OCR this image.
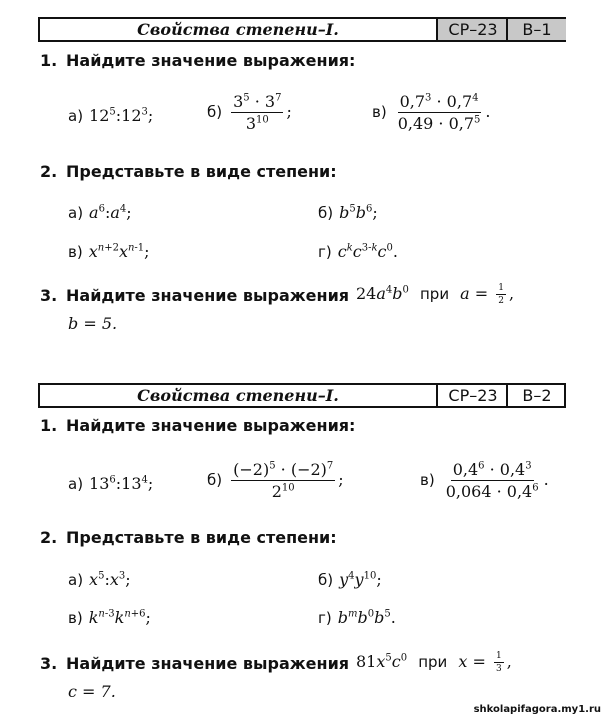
Свойства степени–I.	СР–23	В–1
1. Найдите значение выражения:
а) $12^5:12^3$;	$б) \frac{3^5 \cdot 3^7}{3^{10}}$ ;	$в) \frac{0,7^3 \cdot 0,7^4}{0,49 \cdot 0,7^5}$ .
2. Представьте в виде степени:
а) $a^6:a^4$;	б) $b^5b^6$;
в) $x^{n+2}x^{n-1}$;	г) $c^kc^{3-k}c^0$.
3. Найдите значение выражения $24a^4b^0$ при $a = \frac{1}{2}$ ,
b = 5.
Свойства степени–I.	СР–23	В–2
1. Найдите значение выражения:
а) $13^6:13^4$;	$б) \frac{(-2)^5 \cdot (-2)^7}{2^{10}}$ ;	$в) \frac{0,4^6 \cdot 0,4^3}{0,064 \cdot 0,4^6}$ .
2. Представьте в виде степени:
а) $x^5:x^3$;	б) $y^4y^{10}$;
в) $k^{n-3}k^{n+6}$;	г) $b^mb^0b^5$.
3. Найдите значение выражения $81x^5c^0$ при $x = \frac{1}{3}$ ,
c = 7.
shkolapifagora.my1.ru
